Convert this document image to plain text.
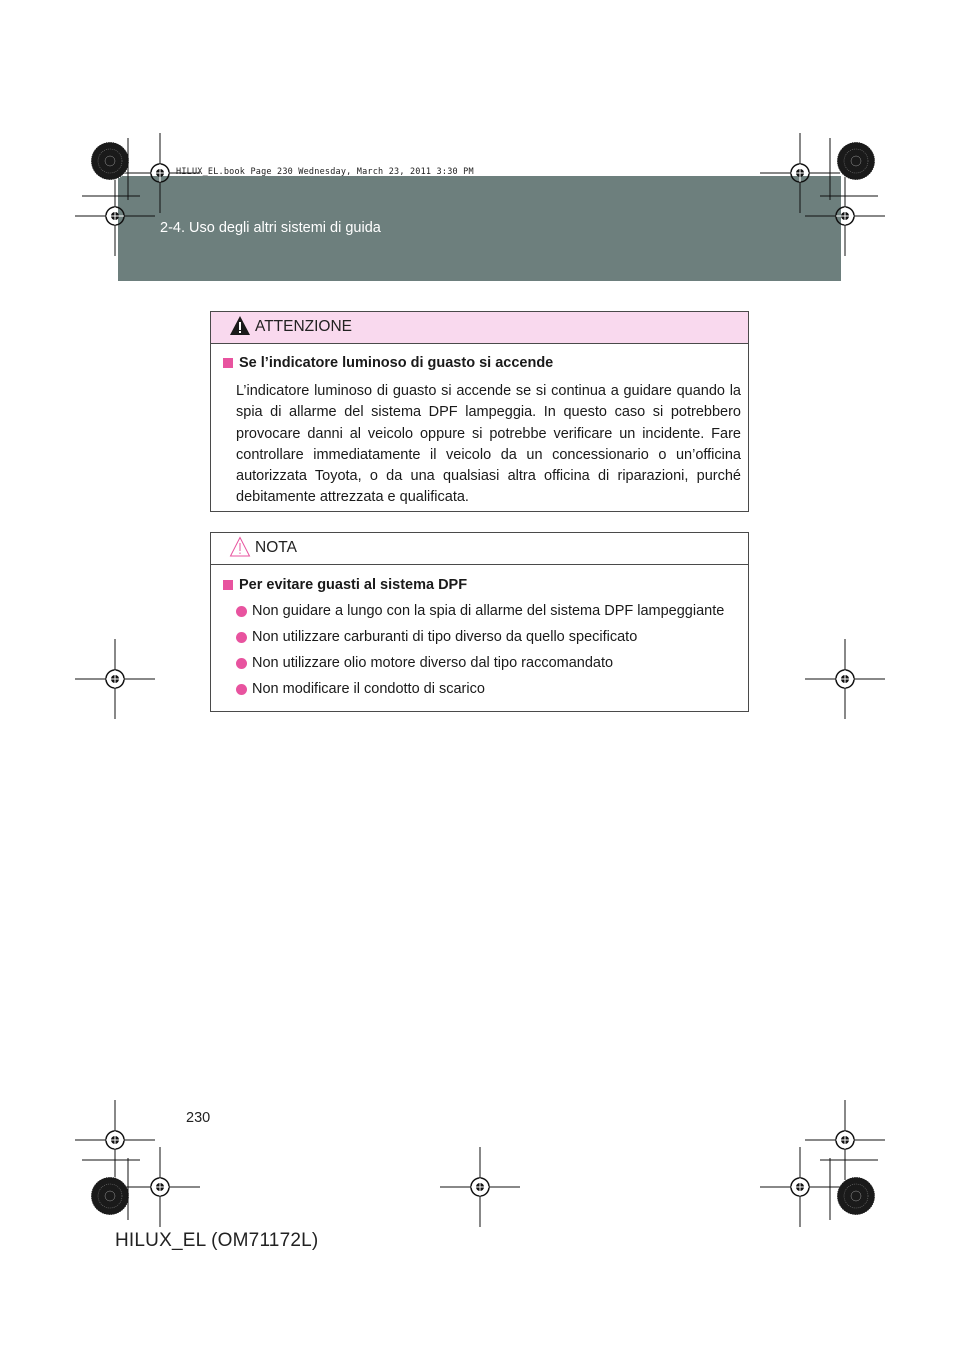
2-4. Uso degli altri sistemi di guida
HILUX_EL.book Page 230 Wednesday, March 23, 2011 3:30 PM
ATTENZIONE
Se l’indicatore luminoso di guasto si accende
L’indicatore luminoso di guasto si accende se si continua a guidare quando la spia di allarme del sistema DPF lampeggia. In questo caso si potrebbero provocare danni al veicolo oppure si potrebbe verificare un incidente. Fare controllare immediatamente il veicolo da un concessionario o un’officina autorizzata Toyota, o da una qualsiasi altra officina di riparazioni, purché debitamente attrezzata e qualificata.
NOTA
Per evitare guasti al sistema DPF
Non guidare a lungo con la spia di allarme del sistema DPF lampeggiante
Non utilizzare carburanti di tipo diverso da quello specificato
Non utilizzare olio motore diverso dal tipo raccomandato
Non modificare il condotto di scarico
230
HILUX_EL (OM71172L)
